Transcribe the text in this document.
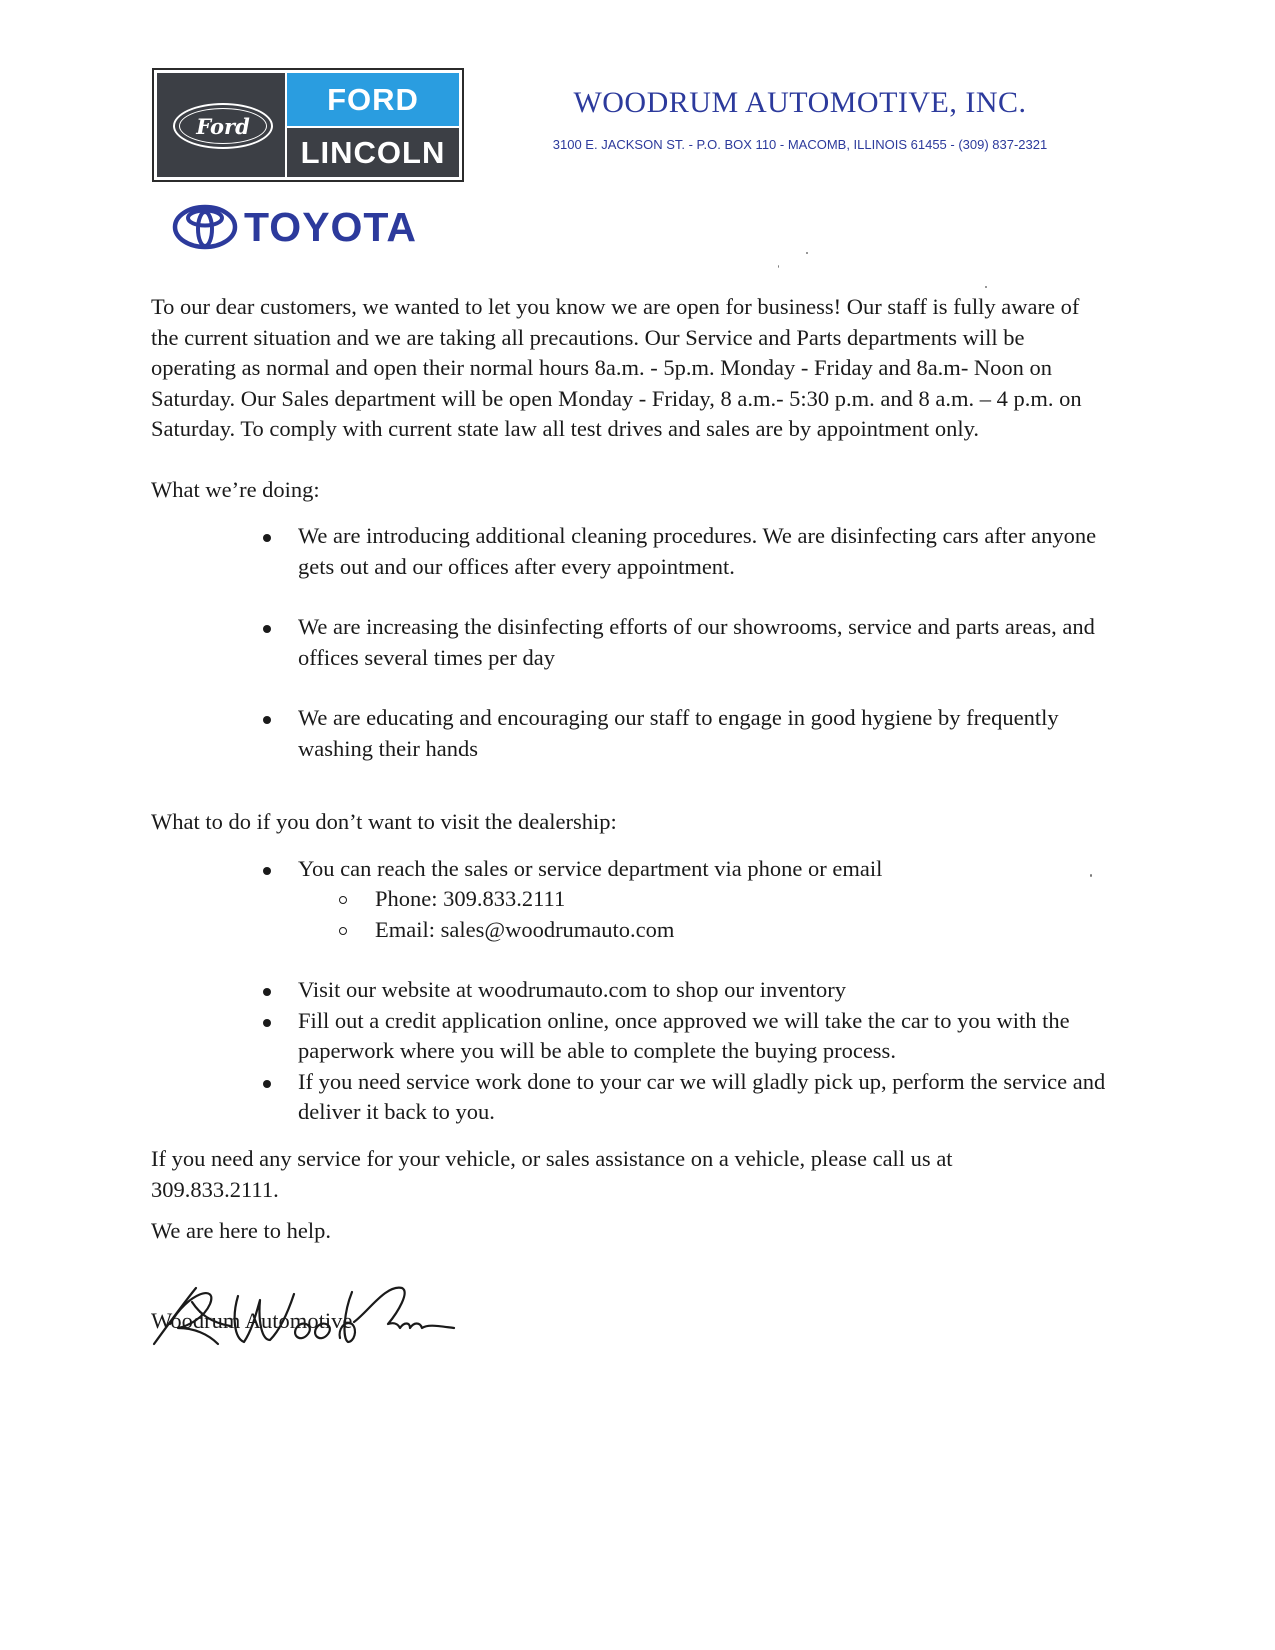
Ford
FORD
LINCOLN
TOYOTA
WOODRUM AUTOMOTIVE, INC.
3100 E. JACKSON ST. - P.O. BOX 110 - MACOMB, ILLINOIS 61455 - (309) 837-2321

To our dear customers, we wanted to let you know we are open for business! Our staff is fully aware of the current situation and we are taking all precautions. Our Service and Parts departments will be operating as normal and open their normal hours 8a.m. - 5p.m. Monday - Friday and 8a.m- Noon on Saturday. Our Sales department will be open Monday - Friday, 8 a.m.- 5:30 p.m. and 8 a.m. – 4 p.m. on Saturday. To comply with current state law all test drives and sales are by appointment only.

What we’re doing:

We are introducing additional cleaning procedures. We are disinfecting cars after anyone gets out and our offices after every appointment.
We are increasing the disinfecting efforts of our showrooms, service and parts areas, and offices several times per day
We are educating and encouraging our staff to engage in good hygiene by frequently washing their hands

What to do if you don’t want to visit the dealership:

You can reach the sales or service department via phone or email
Phone: 309.833.2111
Email: sales@woodrumauto.com
Visit our website at woodrumauto.com to shop our inventory
Fill out a credit application online, once approved we will take the car to you with the paperwork where you will be able to complete the buying process.
If you need service work done to your car we will gladly pick up, perform the service and deliver it back to you.

If you need any service for your vehicle, or sales assistance on a vehicle, please call us at 309.833.2111.

We are here to help.

Woodrum Automotive
